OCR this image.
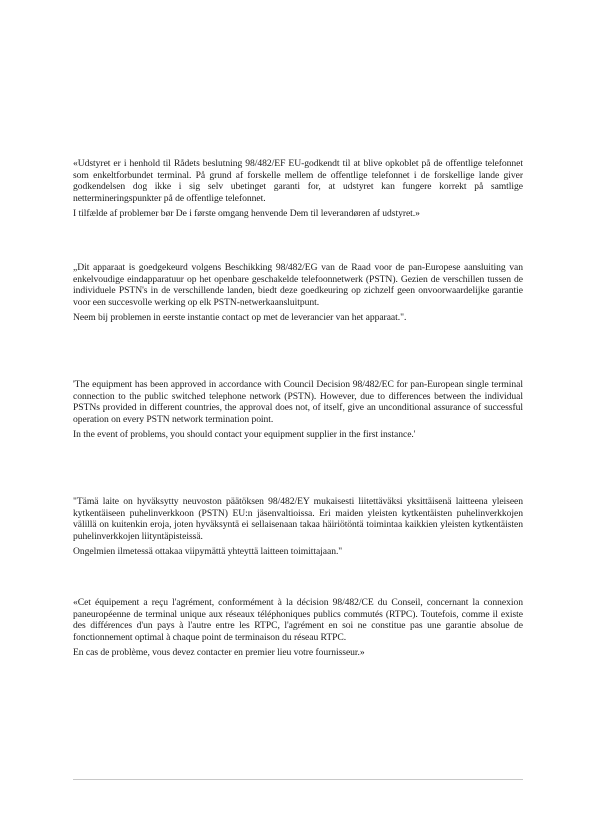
«Udstyret er i henhold til Rådets beslutning 98/482/EF EU-godkendt til at blive opkoblet på de offentlige telefonnet som enkeltforbundet terminal. På grund af forskelle mellem de offentlige telefonnet i de forskellige lande giver godkendelsen dog ikke i sig selv ubetinget garanti for, at udstyret kan fungere korrekt på samtlige nettermineringspunkter på de offentlige telefonnet.

I tilfælde af problemer bør De i første omgang henvende Dem til leverandøren af udstyret.»

„Dit apparaat is goedgekeurd volgens Beschikking 98/482/EG van de Raad voor de pan-Europese aansluiting van enkelvoudige eindapparatuur op het openbare geschakelde telefoonnetwerk (PSTN). Gezien de verschillen tussen de individuele PSTN's in de verschillende landen, biedt deze goedkeuring op zichzelf geen onvoorwaardelijke garantie voor een succesvolle werking op elk PSTN-netwerkaansluitpunt.

Neem bij problemen in eerste instantie contact op met de leverancier van het apparaat.".

'The equipment has been approved in accordance with Council Decision 98/482/EC for pan-European single terminal connection to the public switched telephone network (PSTN). However, due to differences between the individual PSTNs provided in different countries, the approval does not, of itself, give an unconditional assurance of successful operation on every PSTN network termination point.

In the event of problems, you should contact your equipment supplier in the first instance.'

"Tämä laite on hyväksytty neuvoston päätöksen 98/482/EY mukaisesti liitettäväksi yksittäisenä laitteena yleiseen kytkentäiseen puhelinverkkoon (PSTN) EU:n jäsenvaltioissa. Eri maiden yleisten kytkentäisten puhelinverkkojen välillä on kuitenkin eroja, joten hyväksyntä ei sellaisenaan takaa häiriötöntä toimintaa kaikkien yleisten kytkentäisten puhelinverkkojen liityntäpisteissä.

Ongelmien ilmetessä ottakaa viipymättä yhteyttä laitteen toimittajaan."

«Cet équipement a reçu l'agrément, conformément à la décision 98/482/CE du Conseil, concernant la connexion paneuropéenne de terminal unique aux réseaux téléphoniques publics commutés (RTPC). Toutefois, comme il existe des différences d'un pays à l'autre entre les RTPC, l'agrément en soi ne constitue pas une garantie absolue de fonctionnement optimal à chaque point de terminaison du réseau RTPC.

En cas de problème, vous devez contacter en premier lieu votre fournisseur.»
